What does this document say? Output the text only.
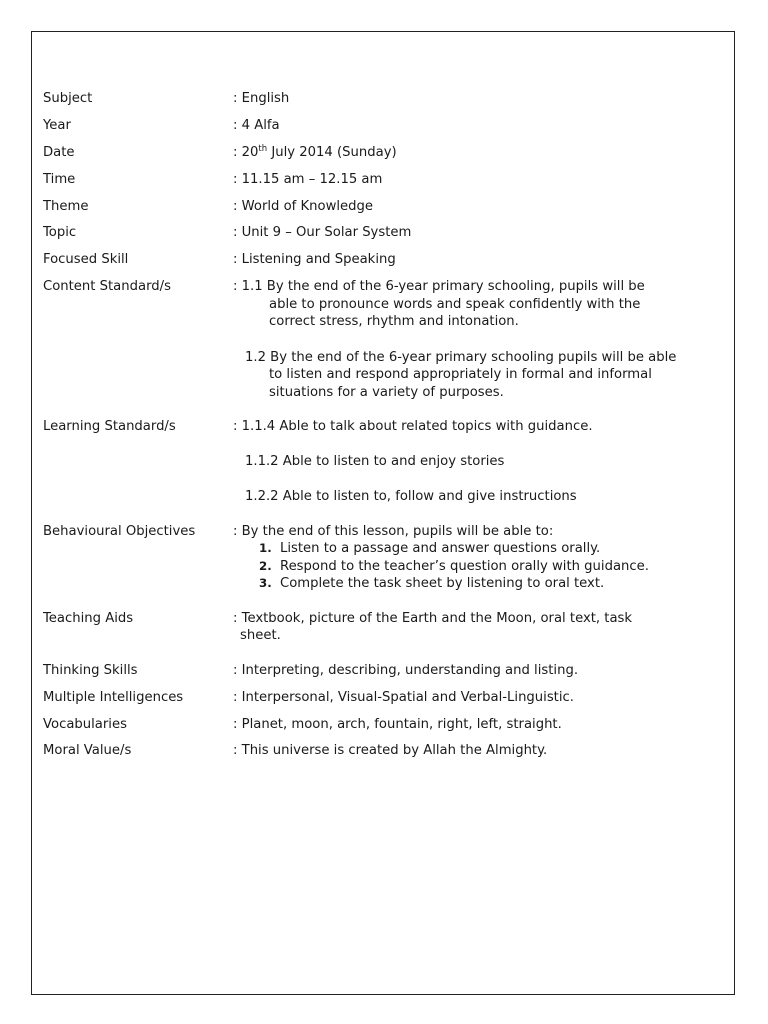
Subject	: English
Year	: 4 Alfa
Date	: 20th July 2014 (Sunday)
Time	: 11.15 am – 12.15 am
Theme	: World of Knowledge
Topic	: Unit 9 – Our Solar System
Focused Skill	: Listening and Speaking
Content Standard/s	: 1.1 By the end of the 6-year primary schooling, pupils will be
able to pronounce words and speak confidently with the
correct stress, rhythm and intonation.
1.2 By the end of the 6-year primary schooling pupils will be able
to listen and respond appropriately in formal and informal
situations for a variety of purposes.
Learning Standard/s	: 1.1.4 Able to talk about related topics with guidance.
1.1.2 Able to listen to and enjoy stories
1.2.2 Able to listen to, follow and give instructions
Behavioural Objectives	: By the end of this lesson, pupils will be able to:
1. Listen to a passage and answer questions orally.
2. Respond to the teacher’s question orally with guidance.
3. Complete the task sheet by listening to oral text.
Teaching Aids	: Textbook, picture of the Earth and the Moon, oral text, task
sheet.
Thinking Skills	: Interpreting, describing, understanding and listing.
Multiple Intelligences	: Interpersonal, Visual-Spatial and Verbal-Linguistic.
Vocabularies	: Planet, moon, arch, fountain, right, left, straight.
Moral Value/s	: This universe is created by Allah the Almighty.
